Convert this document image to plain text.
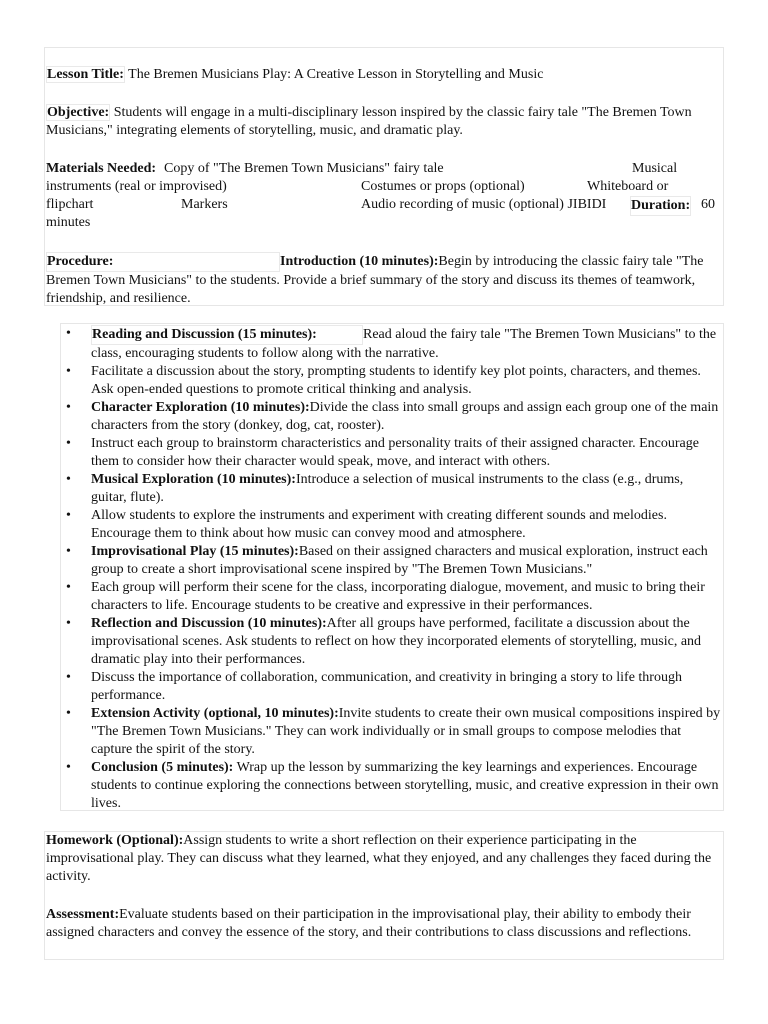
Lesson Title: The Bremen Musicians Play: A Creative Lesson in Storytelling and Music

Objective: Students will engage in a multi-disciplinary lesson inspired by the classic fairy tale "The Bremen Town Musicians," integrating elements of storytelling, music, and dramatic play.

Materials Needed: Copy of "The Bremen Town Musicians" fairy tale	Musical
instruments (real or improvised)	Costumes or props (optional)	Whiteboard or
flipchart	Markers	Audio recording of music (optional) JIBIDI Duration: 60
minutes

Procedure:	Introduction (10 minutes):Begin by introducing the classic fairy tale "The Bremen Town Musicians" to the students. Provide a brief summary of the story and discuss its themes of teamwork, friendship, and resilience.

• Reading and Discussion (15 minutes):	Read aloud the fairy tale "The Bremen Town Musicians" to the class, encouraging students to follow along with the narrative.
• Facilitate a discussion about the story, prompting students to identify key plot points, characters, and themes. Ask open-ended questions to promote critical thinking and analysis.
• Character Exploration (10 minutes):Divide the class into small groups and assign each group one of the main characters from the story (donkey, dog, cat, rooster).
• Instruct each group to brainstorm characteristics and personality traits of their assigned character. Encourage them to consider how their character would speak, move, and interact with others.
• Musical Exploration (10 minutes):Introduce a selection of musical instruments to the class (e.g., drums, guitar, flute).
• Allow students to explore the instruments and experiment with creating different sounds and melodies. Encourage them to think about how music can convey mood and atmosphere.
• Improvisational Play (15 minutes):Based on their assigned characters and musical exploration, instruct each group to create a short improvisational scene inspired by "The Bremen Town Musicians."
• Each group will perform their scene for the class, incorporating dialogue, movement, and music to bring their characters to life. Encourage students to be creative and expressive in their performances.
• Reflection and Discussion (10 minutes):After all groups have performed, facilitate a discussion about the improvisational scenes. Ask students to reflect on how they incorporated elements of storytelling, music, and dramatic play into their performances.
• Discuss the importance of collaboration, communication, and creativity in bringing a story to life through performance.
• Extension Activity (optional, 10 minutes):Invite students to create their own musical compositions inspired by "The Bremen Town Musicians." They can work individually or in small groups to compose melodies that capture the spirit of the story.
• Conclusion (5 minutes): Wrap up the lesson by summarizing the key learnings and experiences. Encourage students to continue exploring the connections between storytelling, music, and creative expression in their own lives.

Homework (Optional):Assign students to write a short reflection on their experience participating in the improvisational play. They can discuss what they learned, what they enjoyed, and any challenges they faced during the activity.

Assessment:Evaluate students based on their participation in the improvisational play, their ability to embody their assigned characters and convey the essence of the story, and their contributions to class discussions and reflections.
